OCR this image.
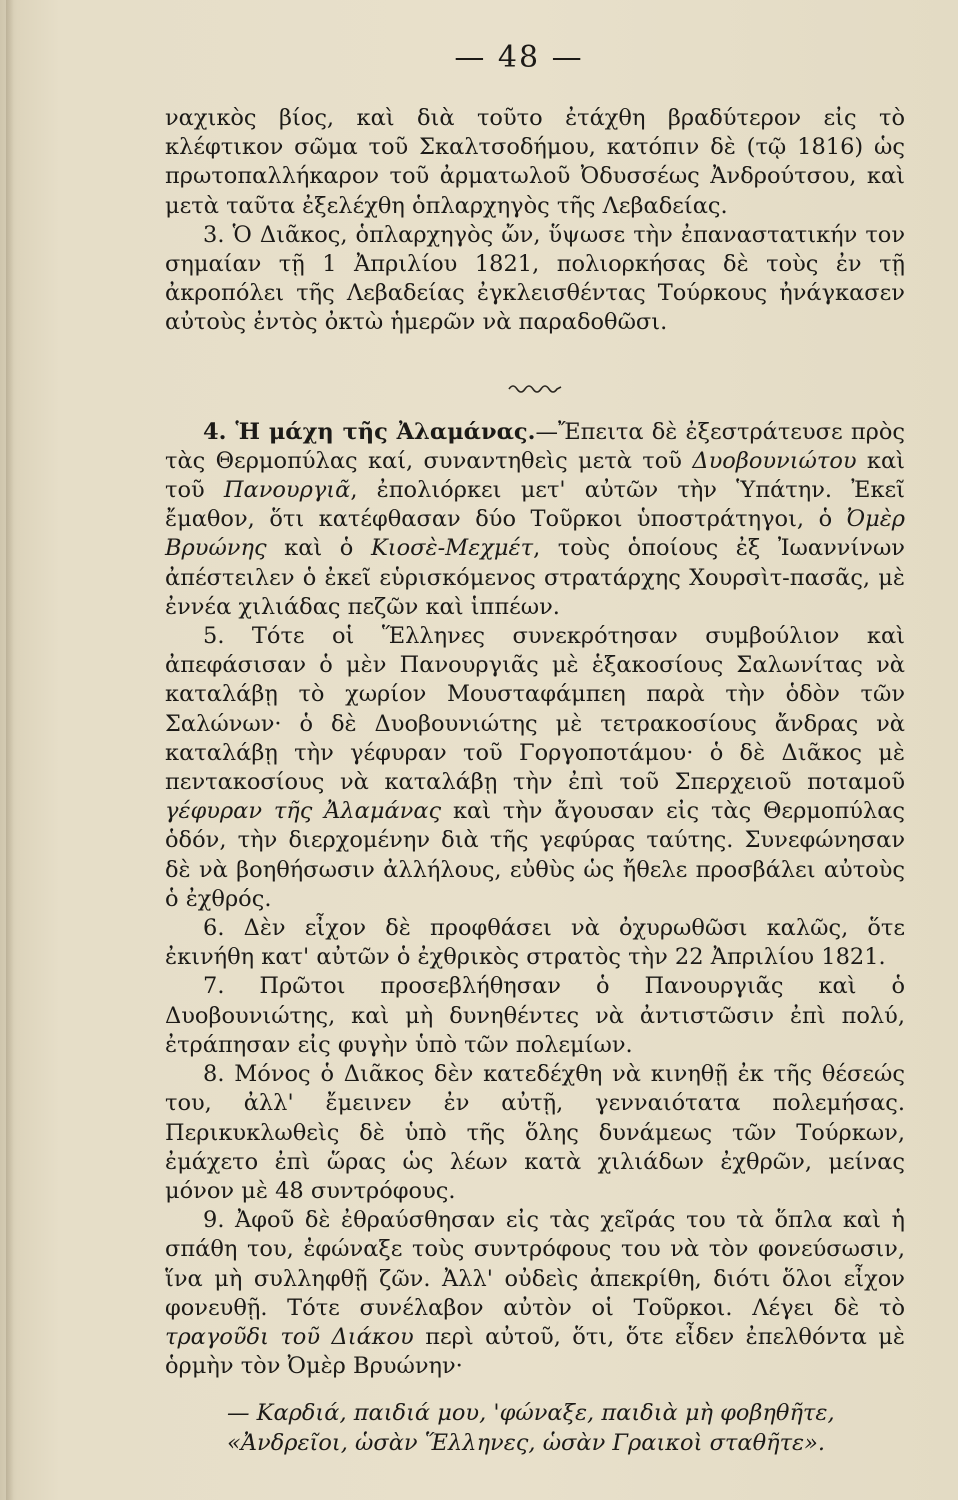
— 48 —

ναχικὸς βίος, καὶ διὰ τοῦτο ἐτάχθη βραδύτερον εἰς τὸ κλέφτικον σῶμα τοῦ Σκαλτσοδήμου, κατόπιν δὲ (τῷ 1816) ὡς πρωτοπαλλήκαρον τοῦ ἀρματωλοῦ Ὀδυσσέως Ἀνδρούτσου, καὶ μετὰ ταῦτα ἐξελέχθη ὁπλαρχηγὸς τῆς Λεβαδείας.

3. Ὁ Διᾶκος, ὁπλαρχηγὸς ὤν, ὕψωσε τὴν ἐπαναστατικήν τον σημαίαν τῇ 1 Ἀπριλίου 1821, πολιορκήσας δὲ τοὺς ἐν τῇ ἀκροπόλει τῆς Λεβαδείας ἐγκλεισθέντας Τούρκους ἠνάγκασεν αὐτοὺς ἐντὸς ὀκτὼ ἡμερῶν νὰ παραδοθῶσι.

4. Ἡ μάχη τῆς Ἀλαμάνας.—Ἔπειτα δὲ ἐξεστράτευσε πρὸς τὰς Θερμοπύλας καί, συναντηθεὶς μετὰ τοῦ Δυοβουνιώτου καὶ τοῦ Πανουργιᾶ, ἐπολιόρκει μετ' αὐτῶν τὴν Ὑπάτην. Ἐκεῖ ἔμαθον, ὅτι κατέφθασαν δύο Τοῦρκοι ὑποστράτηγοι, ὁ Ὀμὲρ Βρυώνης καὶ ὁ Κιοσὲ-Μεχμέτ, τοὺς ὁποίους ἐξ Ἰωαννίνων ἀπέστειλεν ὁ ἐκεῖ εὑρισκόμενος στρατάρχης Χουρσὶτ-πασᾶς, μὲ ἐννέα χιλιάδας πεζῶν καὶ ἱππέων.

5. Τότε οἱ Ἕλληνες συνεκρότησαν συμβούλιον καὶ ἀπεφάσισαν ὁ μὲν Πανουργιᾶς μὲ ἑξακοσίους Σαλωνίτας νὰ καταλάβῃ τὸ χωρίον Μουσταφάμπεη παρὰ τὴν ὁδὸν τῶν Σαλώνων· ὁ δὲ Δυοβουνιώτης μὲ τετρακοσίους ἄνδρας νὰ καταλάβῃ τὴν γέφυραν τοῦ Γοργοποτάμου· ὁ δὲ Διᾶκος μὲ πεντακοσίους νὰ καταλάβῃ τὴν ἐπὶ τοῦ Σπερχειοῦ ποταμοῦ γέφυραν τῆς Ἀλαμάνας καὶ τὴν ἄγουσαν εἰς τὰς Θερμοπύλας ὁδόν, τὴν διερχομένην διὰ τῆς γεφύρας ταύτης. Συνεφώνησαν δὲ νὰ βοηθήσωσιν ἀλλήλους, εὐθὺς ὡς ἤθελε προσβάλει αὐτοὺς ὁ ἐχθρός.

6. Δὲν εἶχον δὲ προφθάσει νὰ ὀχυρωθῶσι καλῶς, ὅτε ἐκινήθη κατ' αὐτῶν ὁ ἐχθρικὸς στρατὸς τὴν 22 Ἀπριλίου 1821.

7. Πρῶτοι προσεβλήθησαν ὁ Πανουργιᾶς καὶ ὁ Δυοβουνιώτης, καὶ μὴ δυνηθέντες νὰ ἀντιστῶσιν ἐπὶ πολύ, ἐτράπησαν εἰς φυγὴν ὑπὸ τῶν πολεμίων.

8. Μόνος ὁ Διᾶκος δὲν κατεδέχθη νὰ κινηθῇ ἐκ τῆς θέσεώς του, ἀλλ' ἔμεινεν ἐν αὐτῇ, γενναιότατα πολεμήσας. Περικυκλωθεὶς δὲ ὑπὸ τῆς ὅλης δυνάμεως τῶν Τούρκων, ἐμάχετο ἐπὶ ὥρας ὡς λέων κατὰ χιλιάδων ἐχθρῶν, μείνας μόνον μὲ 48 συντρόφους.

9. Ἀφοῦ δὲ ἐθραύσθησαν εἰς τὰς χεῖράς του τὰ ὅπλα καὶ ἡ σπάθη του, ἐφώναξε τοὺς συντρόφους του νὰ τὸν φονεύσωσιν, ἵνα μὴ συλληφθῇ ζῶν. Ἀλλ' οὐδεὶς ἀπεκρίθη, διότι ὅλοι εἶχον φονευθῇ. Τότε συνέλαβον αὐτὸν οἱ Τοῦρκοι. Λέγει δὲ τὸ τραγοῦδι τοῦ Διάκου περὶ αὐτοῦ, ὅτι, ὅτε εἶδεν ἐπελθόντα μὲ ὁρμὴν τὸν Ὀμὲρ Βρυώνην·

— Καρδιά, παιδιά μου, 'φώναξε, παιδιὰ μὴ φοβηθῆτε,

«Ἀνδρεῖοι, ὡσὰν Ἕλληνες, ὡσὰν Γραικοὶ σταθῆτε».
